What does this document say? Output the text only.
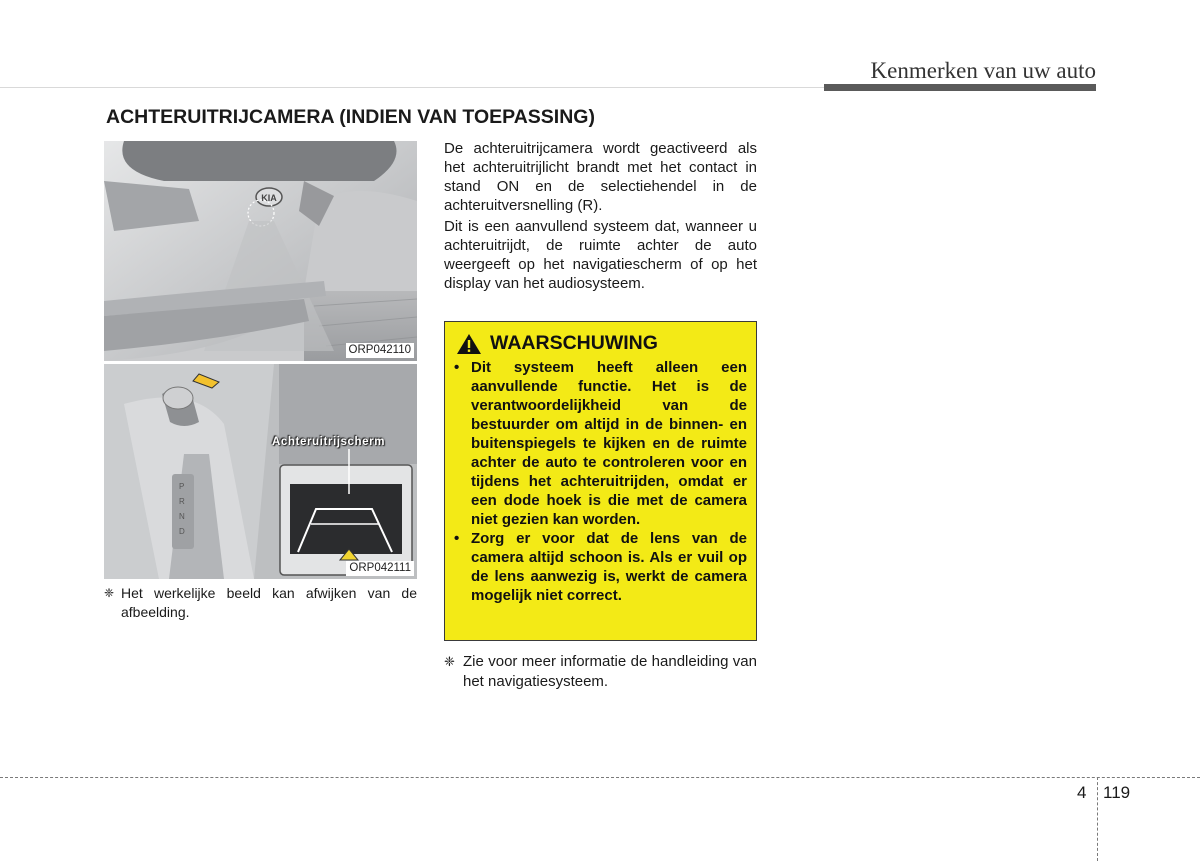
Kenmerken van uw auto
ACHTERUITRIJCAMERA (INDIEN VAN TOEPASSING)
KIA
ORP042110
P
R
N
D
Achteruitrijscherm
ORP042111
❈ Het werkelijke beeld kan afwijken van de afbeelding.

De achteruitrijcamera wordt geactiveerd als het achteruitrijlicht brandt met het contact in stand ON en de selectiehendel in de achteruitversnelling (R).

Dit is een aanvullend systeem dat, wanneer u achteruitrijdt, de ruimte achter de auto weergeeft op het navigatiescherm of op het display van het audiosysteem.

WAARSCHUWING
• Dit systeem heeft alleen een aanvullende functie. Het is de verantwoordelijkheid van de bestuurder om altijd in de binnen- en buitenspiegels te kijken en de ruimte achter de auto te controleren voor en tijdens het achteruitrijden, omdat er een dode hoek is die met de camera niet gezien kan worden.
• Zorg er voor dat de lens van de camera altijd schoon is. Als er vuil op de lens aanwezig is, werkt de camera mogelijk niet correct.
❈ Zie voor meer informatie de handleiding van het navigatiesysteem.
4 119
